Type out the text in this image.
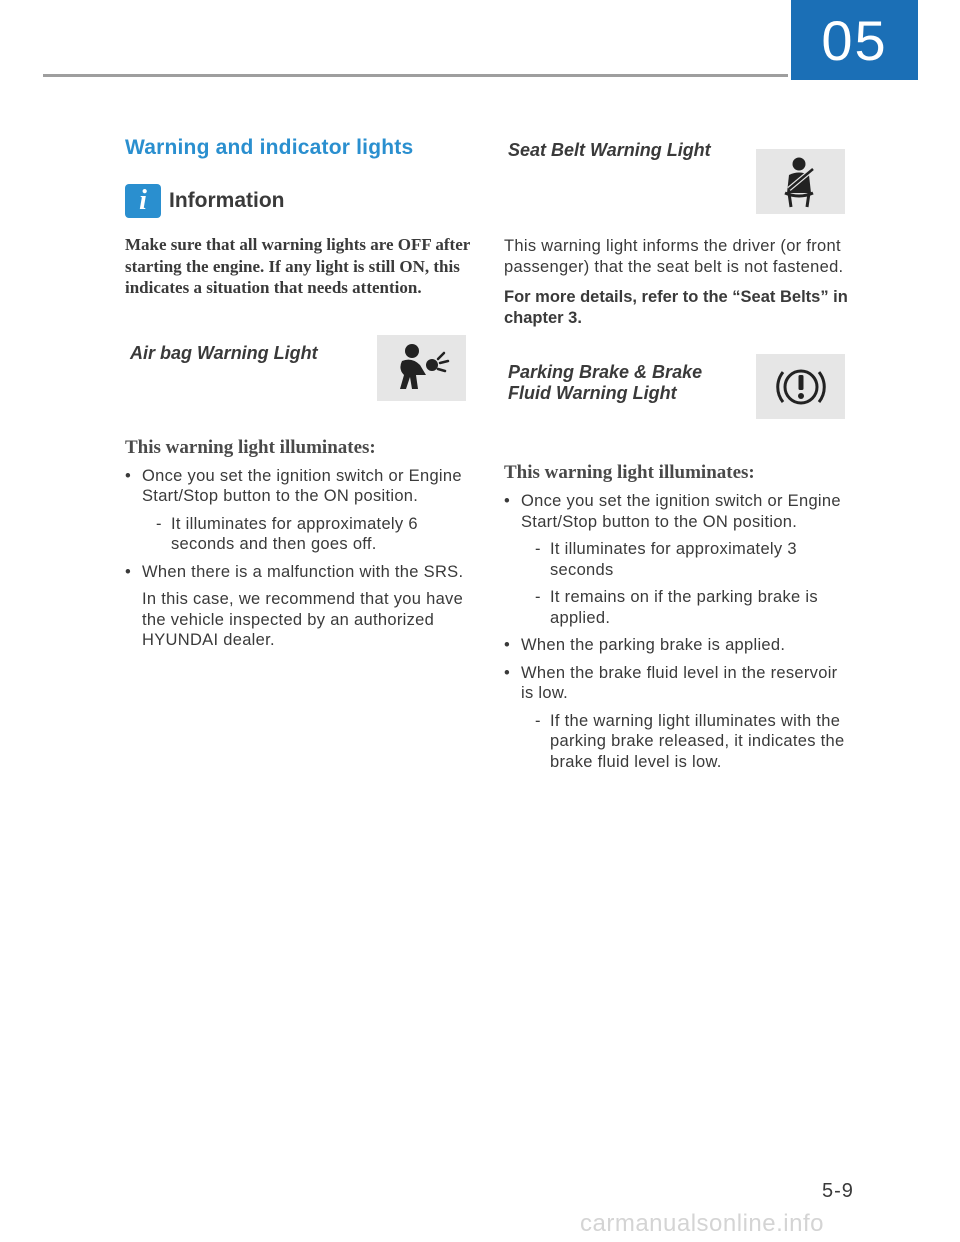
05
Warning and indicator lights
i Information
Make sure that all warning lights are OFF after starting the engine. If any light is still ON, this indicates a situation that needs attention.
Air bag Warning Light
This warning light illuminates:
• Once you set the ignition switch or Engine Start/Stop button to the ON position.
- It illuminates for approximately 6 seconds and then goes off.
• When there is a malfunction with the SRS.
In this case, we recommend that you have the vehicle inspected by an authorized HYUNDAI dealer.
Seat Belt Warning Light
This warning light informs the driver (or front passenger) that the seat belt is not fastened.
For more details, refer to the “Seat Belts” in chapter 3.
Parking Brake & Brake
Fluid Warning Light
This warning light illuminates:
• Once you set the ignition switch or Engine Start/Stop button to the ON position.
- It illuminates for approximately 3 seconds
- It remains on if the parking brake is applied.
• When the parking brake is applied.
• When the brake fluid level in the reservoir is low.
- If the warning light illuminates with the parking brake released, it indicates the brake fluid level is low.
5-9
carmanualsonline.info
